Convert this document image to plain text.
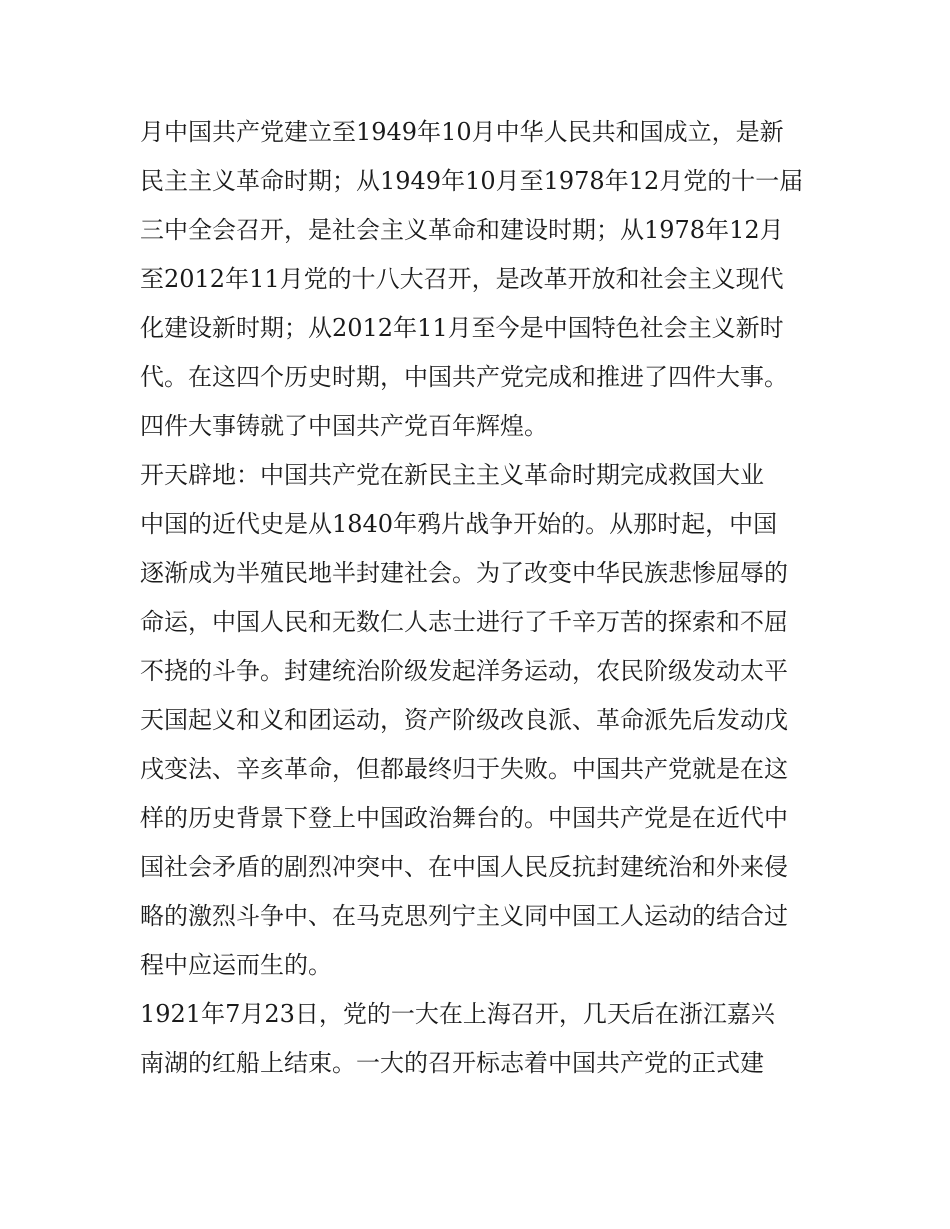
月中国共产党建立至1949年10月中华人民共和国成立，是新
民主主义革命时期；从1949年10月至1978年12月党的十一届
三中全会召开，是社会主义革命和建设时期；从1978年12月
至2012年11月党的十八大召开，是改革开放和社会主义现代
化建设新时期；从2012年11月至今是中国特色社会主义新时
代。在这四个历史时期，中国共产党完成和推进了四件大事。
四件大事铸就了中国共产党百年辉煌。
开天辟地：中国共产党在新民主主义革命时期完成救国大业
中国的近代史是从1840年鸦片战争开始的。从那时起，中国
逐渐成为半殖民地半封建社会。为了改变中华民族悲惨屈辱的
命运，中国人民和无数仁人志士进行了千辛万苦的探索和不屈
不挠的斗争。封建统治阶级发起洋务运动，农民阶级发动太平
天国起义和义和团运动，资产阶级改良派、革命派先后发动戊
戌变法、辛亥革命，但都最终归于失败。中国共产党就是在这
样的历史背景下登上中国政治舞台的。中国共产党是在近代中
国社会矛盾的剧烈冲突中、在中国人民反抗封建统治和外来侵
略的激烈斗争中、在马克思列宁主义同中国工人运动的结合过
程中应运而生的。
1921年7月23日，党的一大在上海召开，几天后在浙江嘉兴
南湖的红船上结束。一大的召开标志着中国共产党的正式建
